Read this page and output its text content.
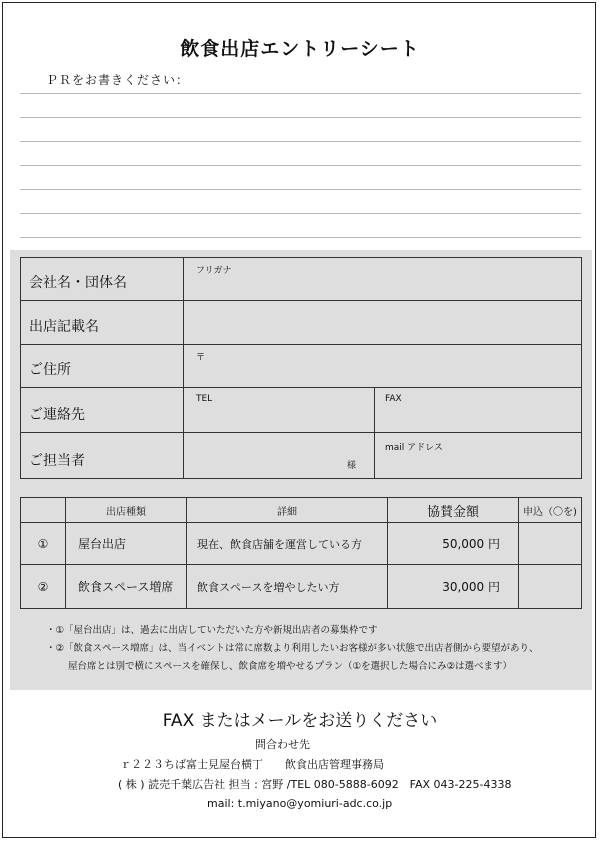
飲食出店エントリーシート
ＰＲをお書きください：
会社名・団体名	フリガナ	

出店記載名		
ご住所	〒	

ご連絡先	TEL	FAX

ご担当者	様	mail アドレス
	出店種類	詳細	協賛金額	申込（〇を)
①	屋台出店	現在、飲食店舗を運営している方	50,000 円	
②	飲食スペース増席	飲食スペースを増やしたい方	30,000 円	
・①「屋台出店」は、過去に出店していただいた方や新規出店者の募集枠です
・②「飲食スペース増席」は、当イベントは常に席数より利用したいお客様が多い状態で出店者側から要望があり、
屋台席とは別で横にスペースを確保し、飲食席を増やせるプラン（①を選択した場合にみ②は選べます）
FAX またはメールをお送りください
問合わせ先
ｒ２２３ちば富士見屋台横丁　　飲食出店管理事務局
( 株 ) 読売千葉広告社 担当 : 宮野 /TEL 080-5888-6092　FAX 043-225-4338
mail: t.miyano@yomiuri-adc.co.jp
